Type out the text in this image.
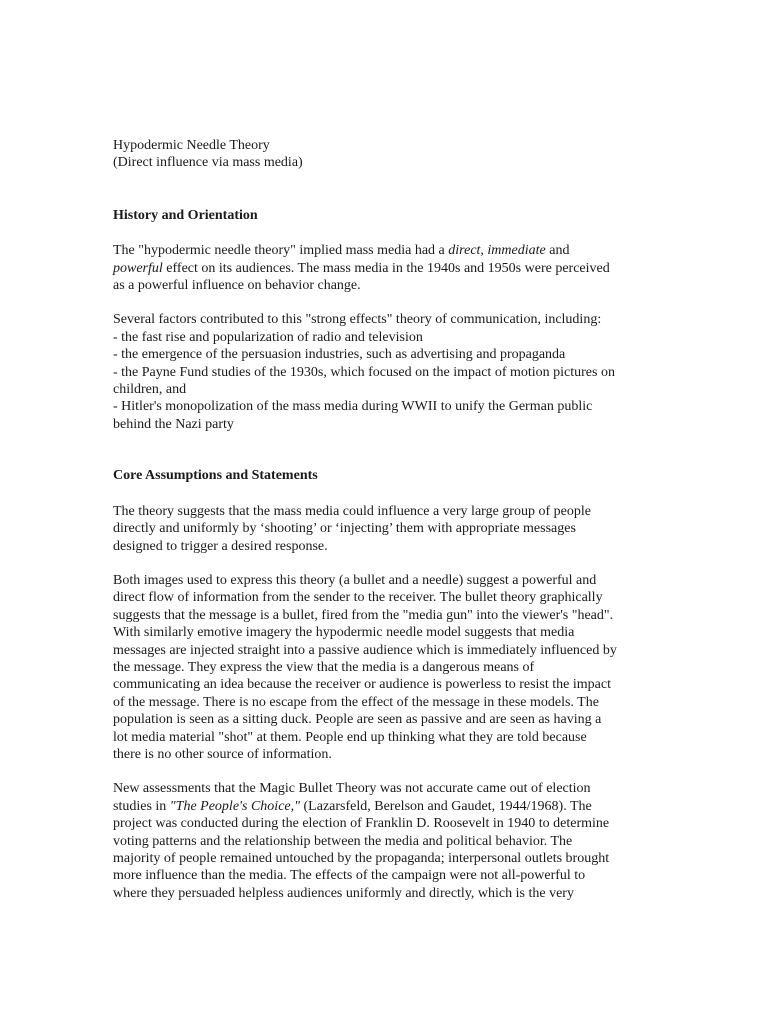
Hypodermic Needle Theory
(Direct influence via mass media)

History and Orientation

The "hypodermic needle theory" implied mass media had a direct, immediate and
powerful effect on its audiences. The mass media in the 1940s and 1950s were perceived
as a powerful influence on behavior change.

Several factors contributed to this "strong effects" theory of communication, including:
- the fast rise and popularization of radio and television
- the emergence of the persuasion industries, such as advertising and propaganda
- the Payne Fund studies of the 1930s, which focused on the impact of motion pictures on
children, and
- Hitler's monopolization of the mass media during WWII to unify the German public
behind the Nazi party

Core Assumptions and Statements

The theory suggests that the mass media could influence a very large group of people
directly and uniformly by ‘shooting’ or ‘injecting’ them with appropriate messages
designed to trigger a desired response.

Both images used to express this theory (a bullet and a needle) suggest a powerful and
direct flow of information from the sender to the receiver. The bullet theory graphically
suggests that the message is a bullet, fired from the "media gun" into the viewer's "head".
With similarly emotive imagery the hypodermic needle model suggests that media
messages are injected straight into a passive audience which is immediately influenced by
the message. They express the view that the media is a dangerous means of
communicating an idea because the receiver or audience is powerless to resist the impact
of the message. There is no escape from the effect of the message in these models. The
population is seen as a sitting duck. People are seen as passive and are seen as having a
lot media material "shot" at them. People end up thinking what they are told because
there is no other source of information.

New assessments that the Magic Bullet Theory was not accurate came out of election
studies in "The People's Choice," (Lazarsfeld, Berelson and Gaudet, 1944/1968). The
project was conducted during the election of Franklin D. Roosevelt in 1940 to determine
voting patterns and the relationship between the media and political behavior. The
majority of people remained untouched by the propaganda; interpersonal outlets brought
more influence than the media. The effects of the campaign were not all-powerful to
where they persuaded helpless audiences uniformly and directly, which is the very
